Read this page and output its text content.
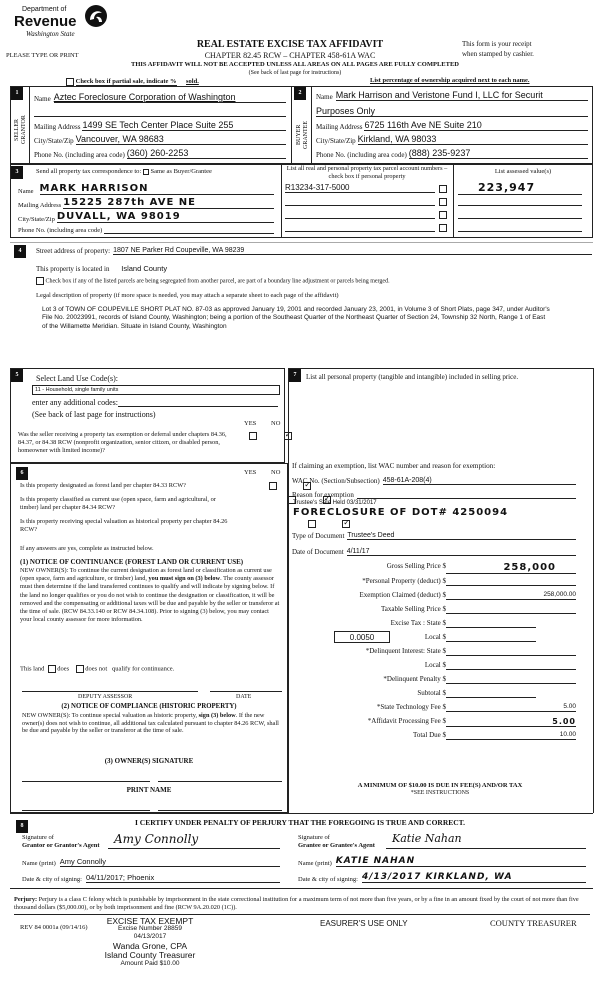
Department of
Revenue
Washington State
PLEASE TYPE OR PRINT
REAL ESTATE EXCISE TAX AFFIDAVIT
CHAPTER 82.45 RCW – CHAPTER 458-61A WAC
This form is your receipt
when stamped by cashier.
THIS AFFIDAVIT WILL NOT BE ACCEPTED UNLESS ALL AREAS ON ALL PAGES ARE FULLY COMPLETED
(See back of last page for instructions)
Check box if partial sale, indicate % sold.	List percentage of ownership acquired next to each name.
1
SELLER
GRANTOR
Name Aztec Foreclosure Corporation of Washington
Mailing Address 1499 SE Tech Center Place Suite 255
City/State/Zip Vancouver, WA 98683
Phone No. (including area code) (360) 260-2253
2
BUYER
GRANTEE
Name Mark Harrison and Veristone Fund I, LLC for Securit
Purposes Only
Mailing Address 6725 116th Ave NE Suite 210
City/State/Zip Kirkland, WA 98033
Phone No. (including area code) (888) 235-9237
3	Send all property tax correspondence to: Same as Buyer/Grantee
Name MARK HARRISON
Mailing Address 15225 287th AVE NE
City/State/Zip DUVALL, WA 98019
Phone No. (including area code)
List all real and personal property tax parcel account numbers – check box if personal property
List assessed value(s)
R13234-317-5000	223,947
4	Street address of property: 1807 NE Parker Rd Coupeville, WA 98239
This property is located in Island County
Check box if any of the listed parcels are being segregated from another parcel, are part of a boundary line adjustment or parcels being merged.
Legal description of property (if more space is needed, you may attach a separate sheet to each page of the affidavit)
Lot 3 of TOWN OF COUPEVILLE SHORT PLAT NO. 87-03 as approved January 19, 2001 and recorded January 23, 2001, in Volume 3 of Short Plats, page 347, under Auditor's File No. 20023991, records of Island County, Washington; being a portion of the Southeast Quarter of the Northeast Quarter of Section 24, Township 32 North, Range 1 of East of the Willamette Meridian. Situate in Island County, Washington
5	Select Land Use Code(s):
11 - Household, single family units
enter any additional codes:
(See back of last page for instructions)
YES NO
Was the seller receiving a property tax exemption or deferral under chapters 84.36, 84.37, or 84.38 RCW (nonprofit organization, senior citizen, or disabled person, homeowner with limited income)?
✓
7	List all personal property (tangible and intangible) included in selling price.
6	YES NO
Is this property designated as forest land per chapter 84.33 RCW?
✓
Is this property classified as current use (open space, farm and agricultural, or timber) land per chapter 84.34 RCW?
✓
Is this property receiving special valuation as historical property per chapter 84.26 RCW?
✓
If any answers are yes, complete as instructed below.
(1) NOTICE OF CONTINUANCE (FOREST LAND OR CURRENT USE)
NEW OWNER(S): To continue the current designation as forest land or classification as current use (open space, farm and agriculture, or timber) land, you must sign on (3) below. The county assessor must then determine if the land transferred continues to qualify and will indicate by signing below. If the land no longer qualifies or you do not wish to continue the designation or classification, it will be removed and the compensating or additional taxes will be due and payable by the seller or transferor at the time of sale. (RCW 84.33.140 or RCW 84.34.108). Prior to signing (3) below, you may contact your local county assessor for more information.
This land does does not qualify for continuance.
DEPUTY ASSESSOR	DATE
(2) NOTICE OF COMPLIANCE (HISTORIC PROPERTY)
NEW OWNER(S): To continue special valuation as historic property, sign (3) below. If the new owner(s) does not wish to continue, all additional tax calculated pursuant to chapter 84.26 RCW, shall be due and payable by the seller or transferor at the time of sale.
(3) OWNER(S) SIGNATURE
PRINT NAME
If claiming an exemption, list WAC number and reason for exemption:
WAC No. (Section/Subsection) 458-61A-208(4)
Reason for exemption
Trustee's Sale Held 03/31/2017
FORECLOSURE OF DOT# 4250094
Type of Document Trustee's Deed
Date of Document 4/11/17
Gross Selling Price $	258,000
*Personal Property (deduct) $
Exemption Claimed (deduct) $	258,000.00
Taxable Selling Price $
Excise Tax : State $
0.0050	Local $
*Delinquent Interest: State $
Local $
*Delinquent Penalty $
Subtotal $
*State Technology Fee $	5.00
*Affidavit Processing Fee $	5.00
Total Due $	10.00
A MINIMUM OF $10.00 IS DUE IN FEE(S) AND/OR TAX
*SEE INSTRUCTIONS
8	I CERTIFY UNDER PENALTY OF PERJURY THAT THE FOREGOING IS TRUE AND CORRECT.
Signature of
Grantor or Grantor's Agent	Amy Connolly
Name (print) Amy Connolly
Date & city of signing: 04/11/2017; Phoenix
Signature of
Grantee or Grantee's Agent
Katie Nahan
Name (print) KATIE NAHAN
Date & city of signing: 4/13/2017 KIRKLAND, WA
Perjury: Perjury is a class C felony which is punishable by imprisonment in the state correctional institution for a maximum term of not more than five years, or by a fine in an amount fixed by the court of not more than five thousand dollars ($5,000.00), or by both imprisonment and fine (RCW 9A.20.020 (1C)).
REV 84 0001a (09/14/16)	EASURER'S USE ONLY	COUNTY TREASURER
EXCISE TAX EXEMPT
Excise Number 28859
04/13/2017
Wanda Grone, CPA
Island County Treasurer
Amount Paid $10.00
